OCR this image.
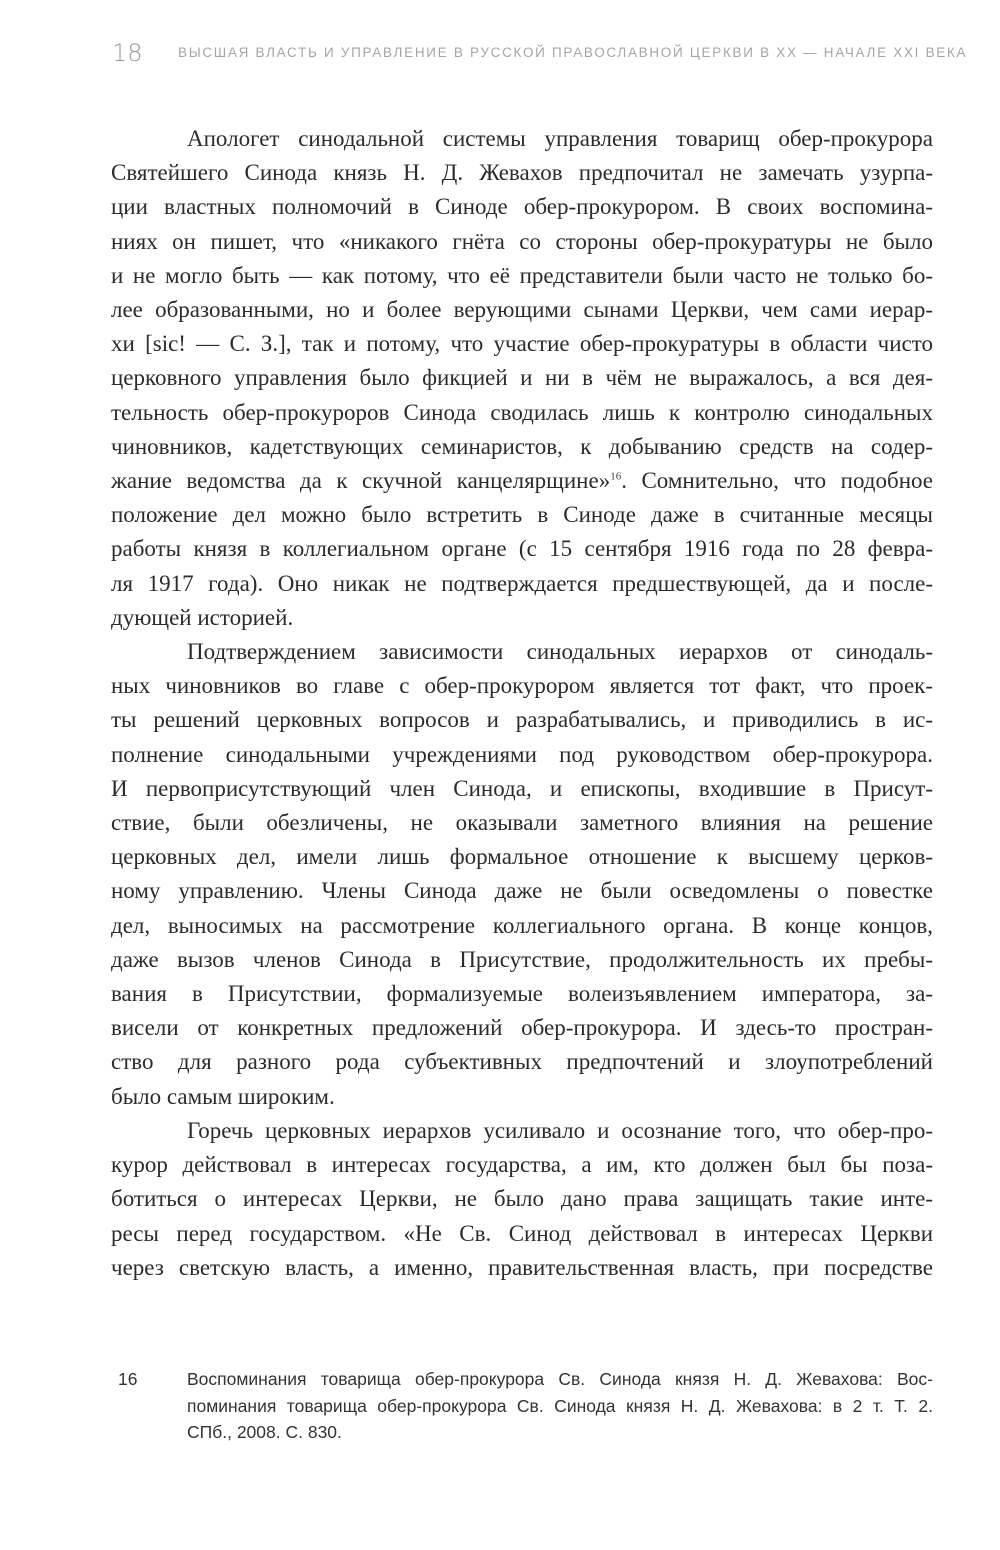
18	ВЫСШАЯ ВЛАСТЬ И УПРАВЛЕНИЕ В РУССКОЙ ПРАВОСЛАВНОЙ ЦЕРКВИ В XX — НАЧАЛЕ XXI ВЕКА
Апологет синодальной системы управления товарищ обер-прокурора
Святейшего Синода князь Н. Д. Жевахов предпочитал не замечать узурпа-
ции властных полномочий в Синоде обер-прокурором. В своих воспомина-
ниях он пишет, что «никакого гнёта со стороны обер-прокуратуры не было
и не могло быть — как потому, что её представители были часто не только бо-
лее образованными, но и более верующими сынами Церкви, чем сами иерар-
хи [sic! — С. З.], так и потому, что участие обер-прокуратуры в области чисто
церковного управления было фикцией и ни в чём не выражалось, а вся дея-
тельность обер-прокуроров Синода сводилась лишь к контролю синодальных
чиновников, кадетствующих семинаристов, к добыванию средств на содер-
жание ведомства да к скучной канцелярщине»$^{16}$. Сомнительно, что подобное
положение дел можно было встретить в Синоде даже в считанные месяцы
работы князя в коллегиальном органе (с 15 сентября 1916 года по 28 февра-
ля 1917 года). Оно никак не подтверждается предшествующей, да и после-
дующей историей.
Подтверждением зависимости синодальных иерархов от синодаль-
ных чиновников во главе с обер-прокурором является тот факт, что проек-
ты решений церковных вопросов и разрабатывались, и приводились в ис-
полнение синодальными учреждениями под руководством обер-прокурора.
И первоприсутствующий член Синода, и епископы, входившие в Присут-
ствие, были обезличены, не оказывали заметного влияния на решение
церковных дел, имели лишь формальное отношение к высшему церков-
ному управлению. Члены Синода даже не были осведомлены о повестке
дел, выносимых на рассмотрение коллегиального органа. В конце концов,
даже вызов членов Синода в Присутствие, продолжительность их пребы-
вания в Присутствии, формализуемые волеизъявлением императора, за-
висели от конкретных предложений обер-прокурора. И здесь-то простран-
ство для разного рода субъективных предпочтений и злоупотреблений
было самым широким.
Горечь церковных иерархов усиливало и осознание того, что обер-про-
курор действовал в интересах государства, а им, кто должен был бы поза-
ботиться о интересах Церкви, не было дано права защищать такие инте-
ресы перед государством. «Не Св. Синод действовал в интересах Церкви
через светскую власть, а именно, правительственная власть, при посредстве
16	Воспоминания товарища обер-прокурора Св. Синода князя Н. Д. Жевахова: Вос-
поминания товарища обер-прокурора Св. Синода князя Н. Д. Жевахова: в 2 т. Т. 2.
СПб., 2008. С. 830.
